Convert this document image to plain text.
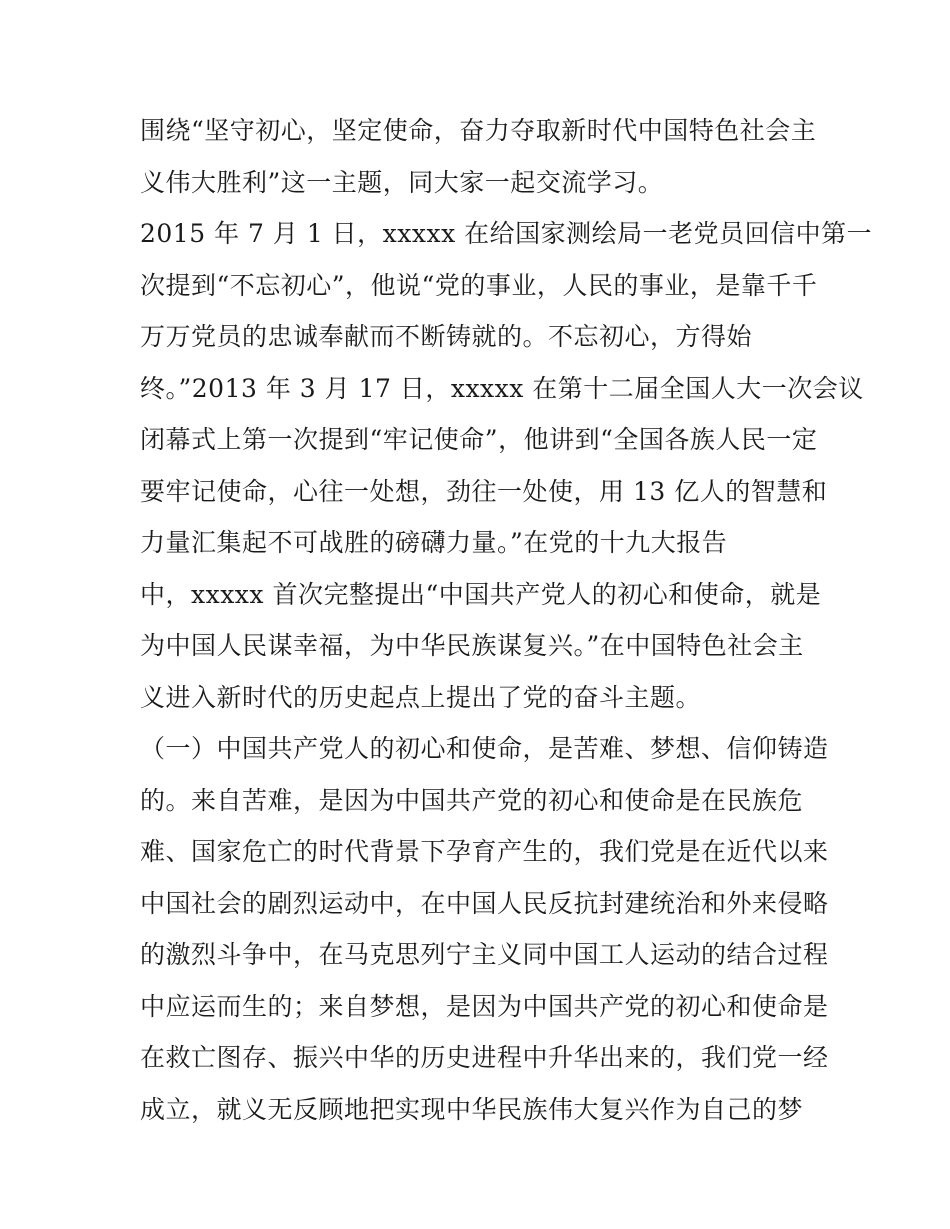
围绕“坚守初心，坚定使命，奋力夺取新时代中国特色社会主
义伟大胜利”这一主题，同大家一起交流学习。
2015 年 7 月 1 日，xxxxx 在给国家测绘局一老党员回信中第一
次提到“不忘初心”，他说“党的事业，人民的事业，是靠千千
万万党员的忠诚奉献而不断铸就的。不忘初心，方得始
终。”2013 年 3 月 17 日，xxxxx 在第十二届全国人大一次会议
闭幕式上第一次提到“牢记使命”，他讲到“全国各族人民一定
要牢记使命，心往一处想，劲往一处使，用 13 亿人的智慧和
力量汇集起不可战胜的磅礴力量。”在党的十九大报告
中，xxxxx 首次完整提出“中国共产党人的初心和使命，就是
为中国人民谋幸福，为中华民族谋复兴。”在中国特色社会主
义进入新时代的历史起点上提出了党的奋斗主题。
（一）中国共产党人的初心和使命，是苦难、梦想、信仰铸造
的。来自苦难，是因为中国共产党的初心和使命是在民族危
难、国家危亡的时代背景下孕育产生的，我们党是在近代以来
中国社会的剧烈运动中，在中国人民反抗封建统治和外来侵略
的激烈斗争中，在马克思列宁主义同中国工人运动的结合过程
中应运而生的；来自梦想，是因为中国共产党的初心和使命是
在救亡图存、振兴中华的历史进程中升华出来的，我们党一经
成立，就义无反顾地把实现中华民族伟大复兴作为自己的梦
